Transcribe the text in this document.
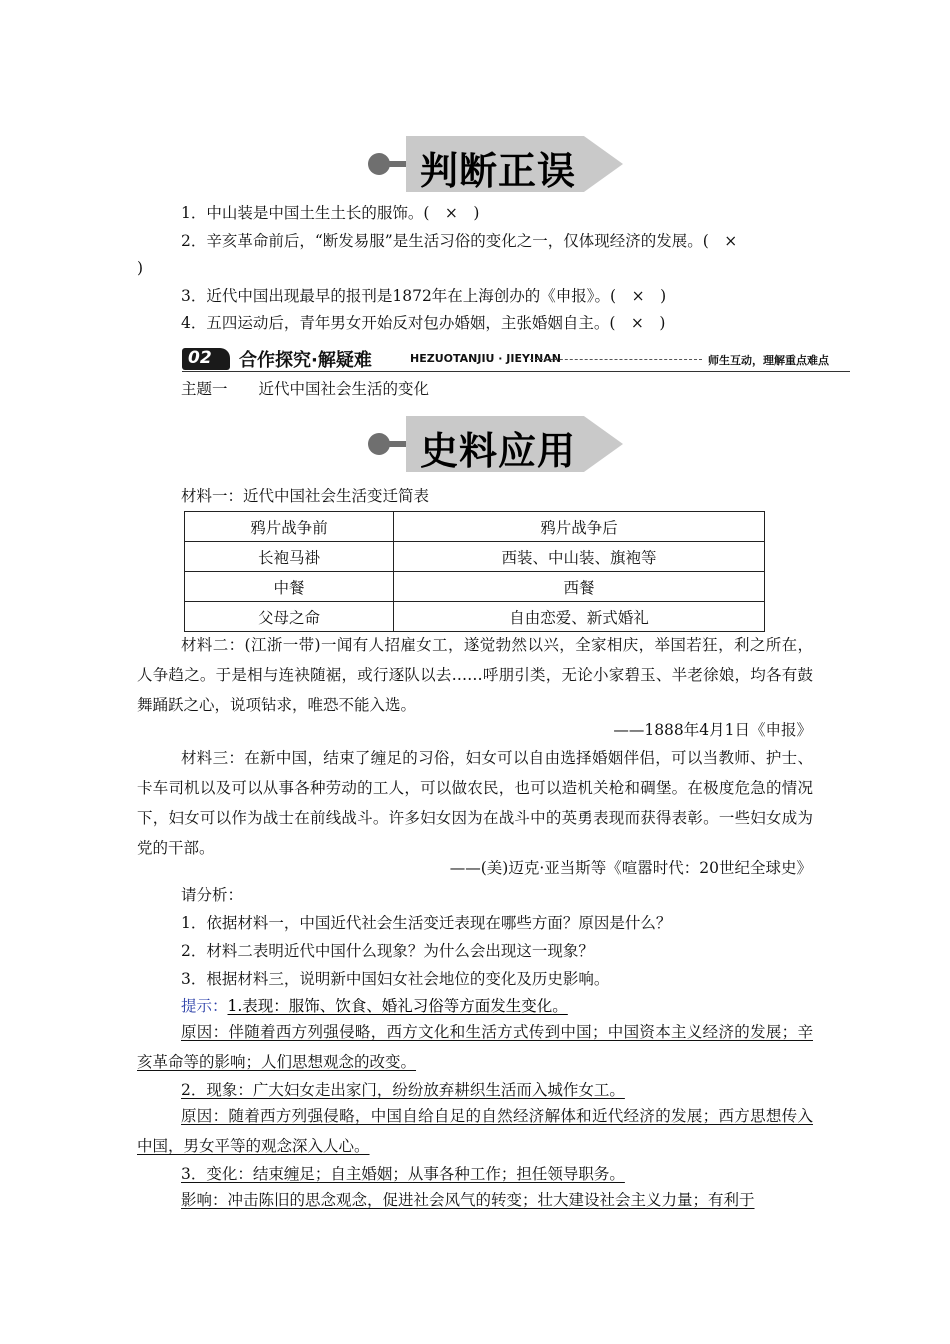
判断正误
1．中山装是中国土生土长的服饰。(　×　)
2．辛亥革命前后，“断发易服”是生活习俗的变化之一，仅体现经济的发展。(　×
)
3．近代中国出现最早的报刊是1872年在上海创办的《申报》。(　×　)
4．五四运动后，青年男女开始反对包办婚姻，主张婚姻自主。(　×　)
02 合作探究·解疑难	HEZUOTANJIU · JIEYINAN	师生互动，理解重点难点
主题一　　近代中国社会生活的变化
史料应用
材料一：近代中国社会生活变迁简表
鸦片战争前	鸦片战争后
长袍马褂	西装、中山装、旗袍等
中餐	西餐
父母之命	自由恋爱、新式婚礼
材料二：(江浙一带)一闻有人招雇女工，遂觉勃然以兴，全家相庆，举国若狂，利之所在，人争趋之。于是相与连袂随裾，或行逐队以去……呼朋引类，无论小家碧玉、半老徐娘，均各有鼓舞踊跃之心，说项钻求，唯恐不能入选。
——1888年4月1日《申报》
材料三：在新中国，结束了缠足的习俗，妇女可以自由选择婚姻伴侣，可以当教师、护士、卡车司机以及可以从事各种劳动的工人，可以做农民，也可以造机关枪和碉堡。在极度危急的情况下，妇女可以作为战士在前线战斗。许多妇女因为在战斗中的英勇表现而获得表彰。一些妇女成为党的干部。
——(美)迈克·亚当斯等《喧嚣时代：20世纪全球史》
请分析：
1．依据材料一，中国近代社会生活变迁表现在哪些方面？原因是什么？
2．材料二表明近代中国什么现象？为什么会出现这一现象？
3．根据材料三，说明新中国妇女社会地位的变化及历史影响。
提示：1.表现：服饰、饮食、婚礼习俗等方面发生变化。
原因：伴随着西方列强侵略，西方文化和生活方式传到中国；中国资本主义经济的发展；辛亥革命等的影响；人们思想观念的改变。
2．现象：广大妇女走出家门，纷纷放弃耕织生活而入城作女工。
原因：随着西方列强侵略，中国自给自足的自然经济解体和近代经济的发展；西方思想传入中国，男女平等的观念深入人心。
3．变化：结束缠足；自主婚姻；从事各种工作；担任领导职务。
影响：冲击陈旧的思念观念，促进社会风气的转变；壮大建设社会主义力量；有利于
